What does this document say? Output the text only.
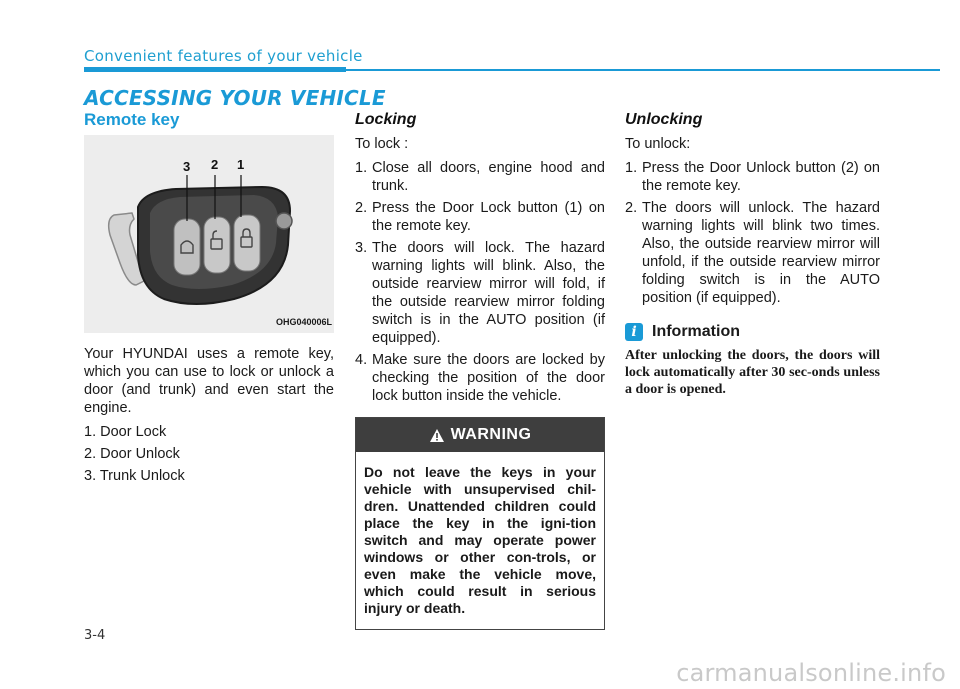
Convenient features of your vehicle
ACCESSING YOUR VEHICLE
Remote key
3 2 1
OHG040006L

Your HYUNDAI uses a remote key, which you can use to lock or unlock a door (and trunk) and even start the engine.

1. Door Lock
2. Door Unlock
3. Trunk Unlock
Locking

To lock :

1. Close all doors, engine hood and trunk.
2. Press the Door Lock button (1) on the remote key.
3. The doors will lock. The hazard warning lights will blink. Also, the outside rearview mirror will fold, if the outside rearview mirror folding switch is in the AUTO position (if equipped).
4. Make sure the doors are locked by checking the position of the door lock button inside the vehicle.
WARNING
Do not leave the keys in your vehicle with unsupervised chil-dren. Unattended children could place the key in the igni-tion switch and may operate power windows or other con-trols, or even make the vehicle move, which could result in serious injury or death.
Unlocking

To unlock:

1. Press the Door Unlock button (2) on the remote key.
2. The doors will unlock. The hazard warning lights will blink two times. Also, the outside rearview mirror will unfold, if the outside rearview mirror folding switch is in the AUTO position (if equipped).
i Information
After unlocking the doors, the doors will lock automatically after 30 sec-onds unless a door is opened.
3-4
carmanualsonline.info
